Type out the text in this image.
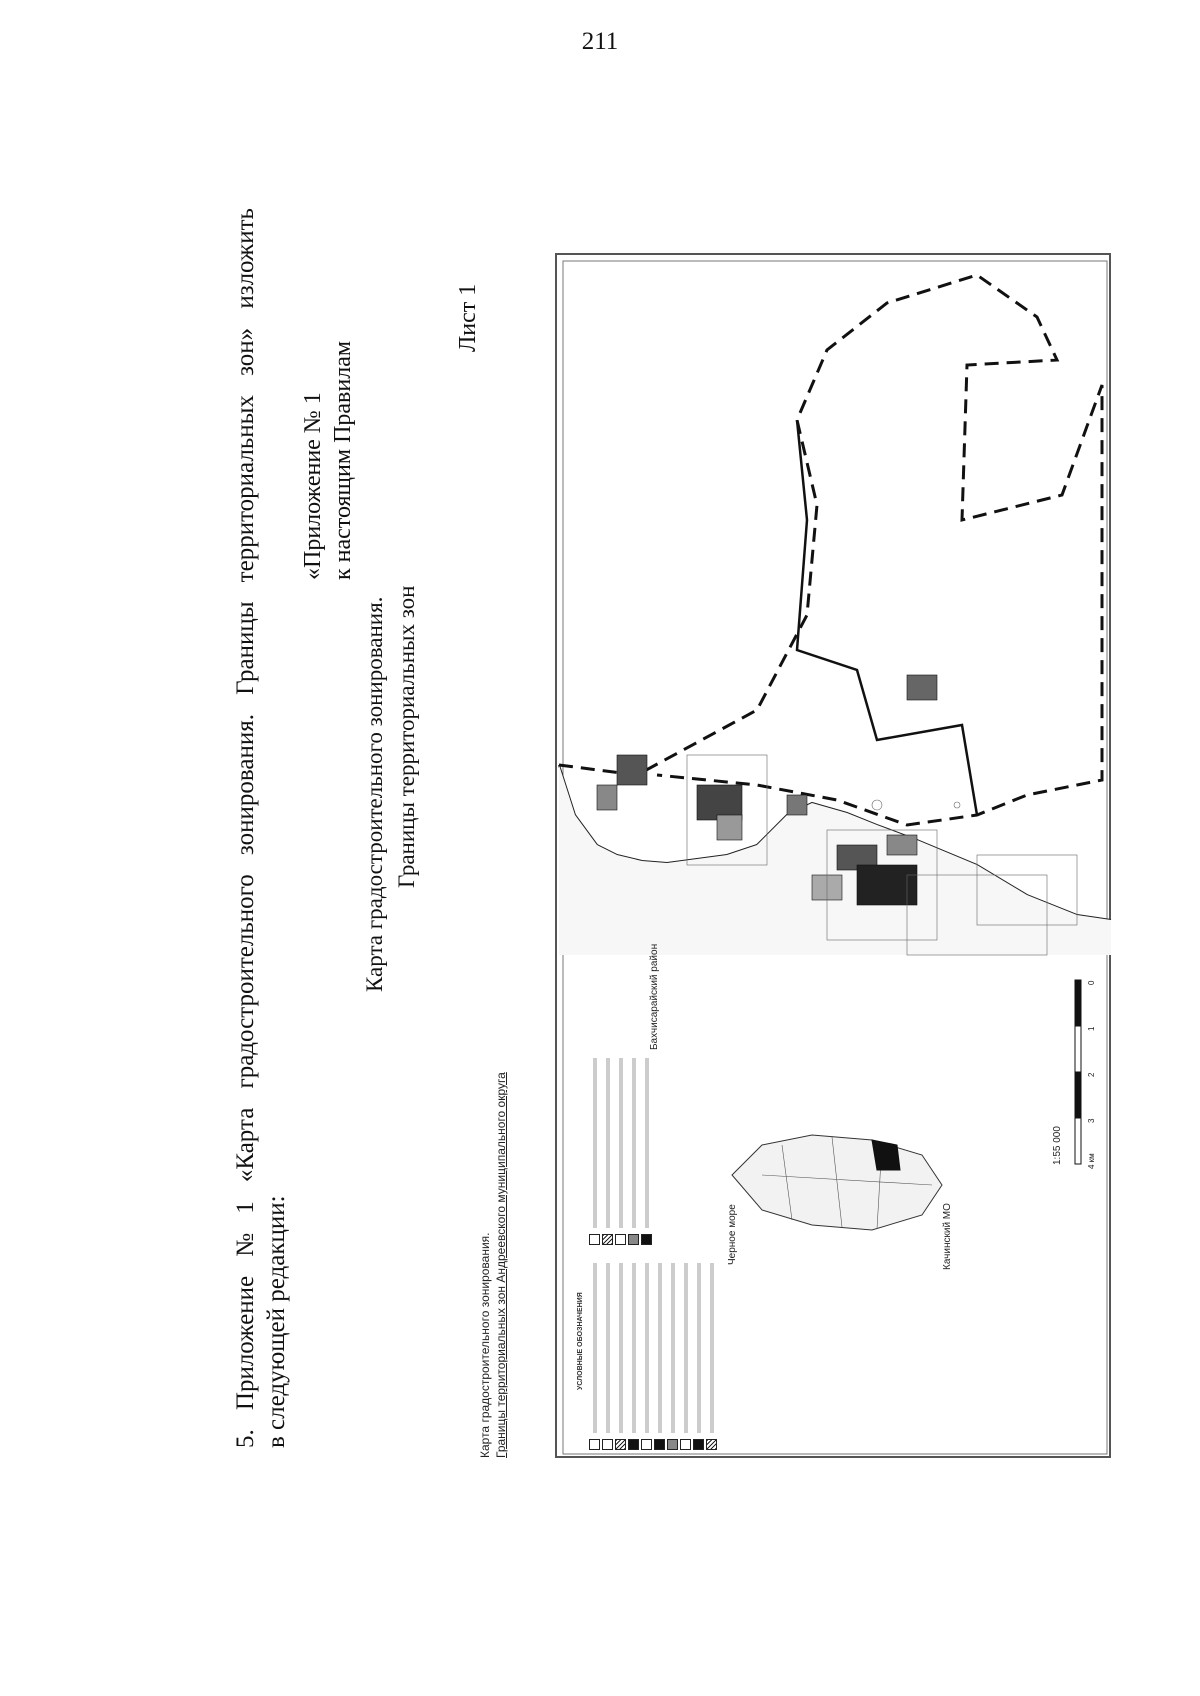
211
5.
Приложение
№
1
«Карта
градостроительного
зонирования.
Границы
территориальных
зон»
изложить
в следующей редакции:
«Приложение № 1 к настоящим Правилам
Лист 1
Карта градостроительного зонирования. Границы территориальных зон
Карта градостроительного зонирования. Границы территориальных зон Андреевского муниципального округа
Бахчисарайский район
Черное море	Качинский МО
1:55 000
0
1
2
3
4 км
УСЛОВНЫЕ ОБОЗНАЧЕНИЯ
